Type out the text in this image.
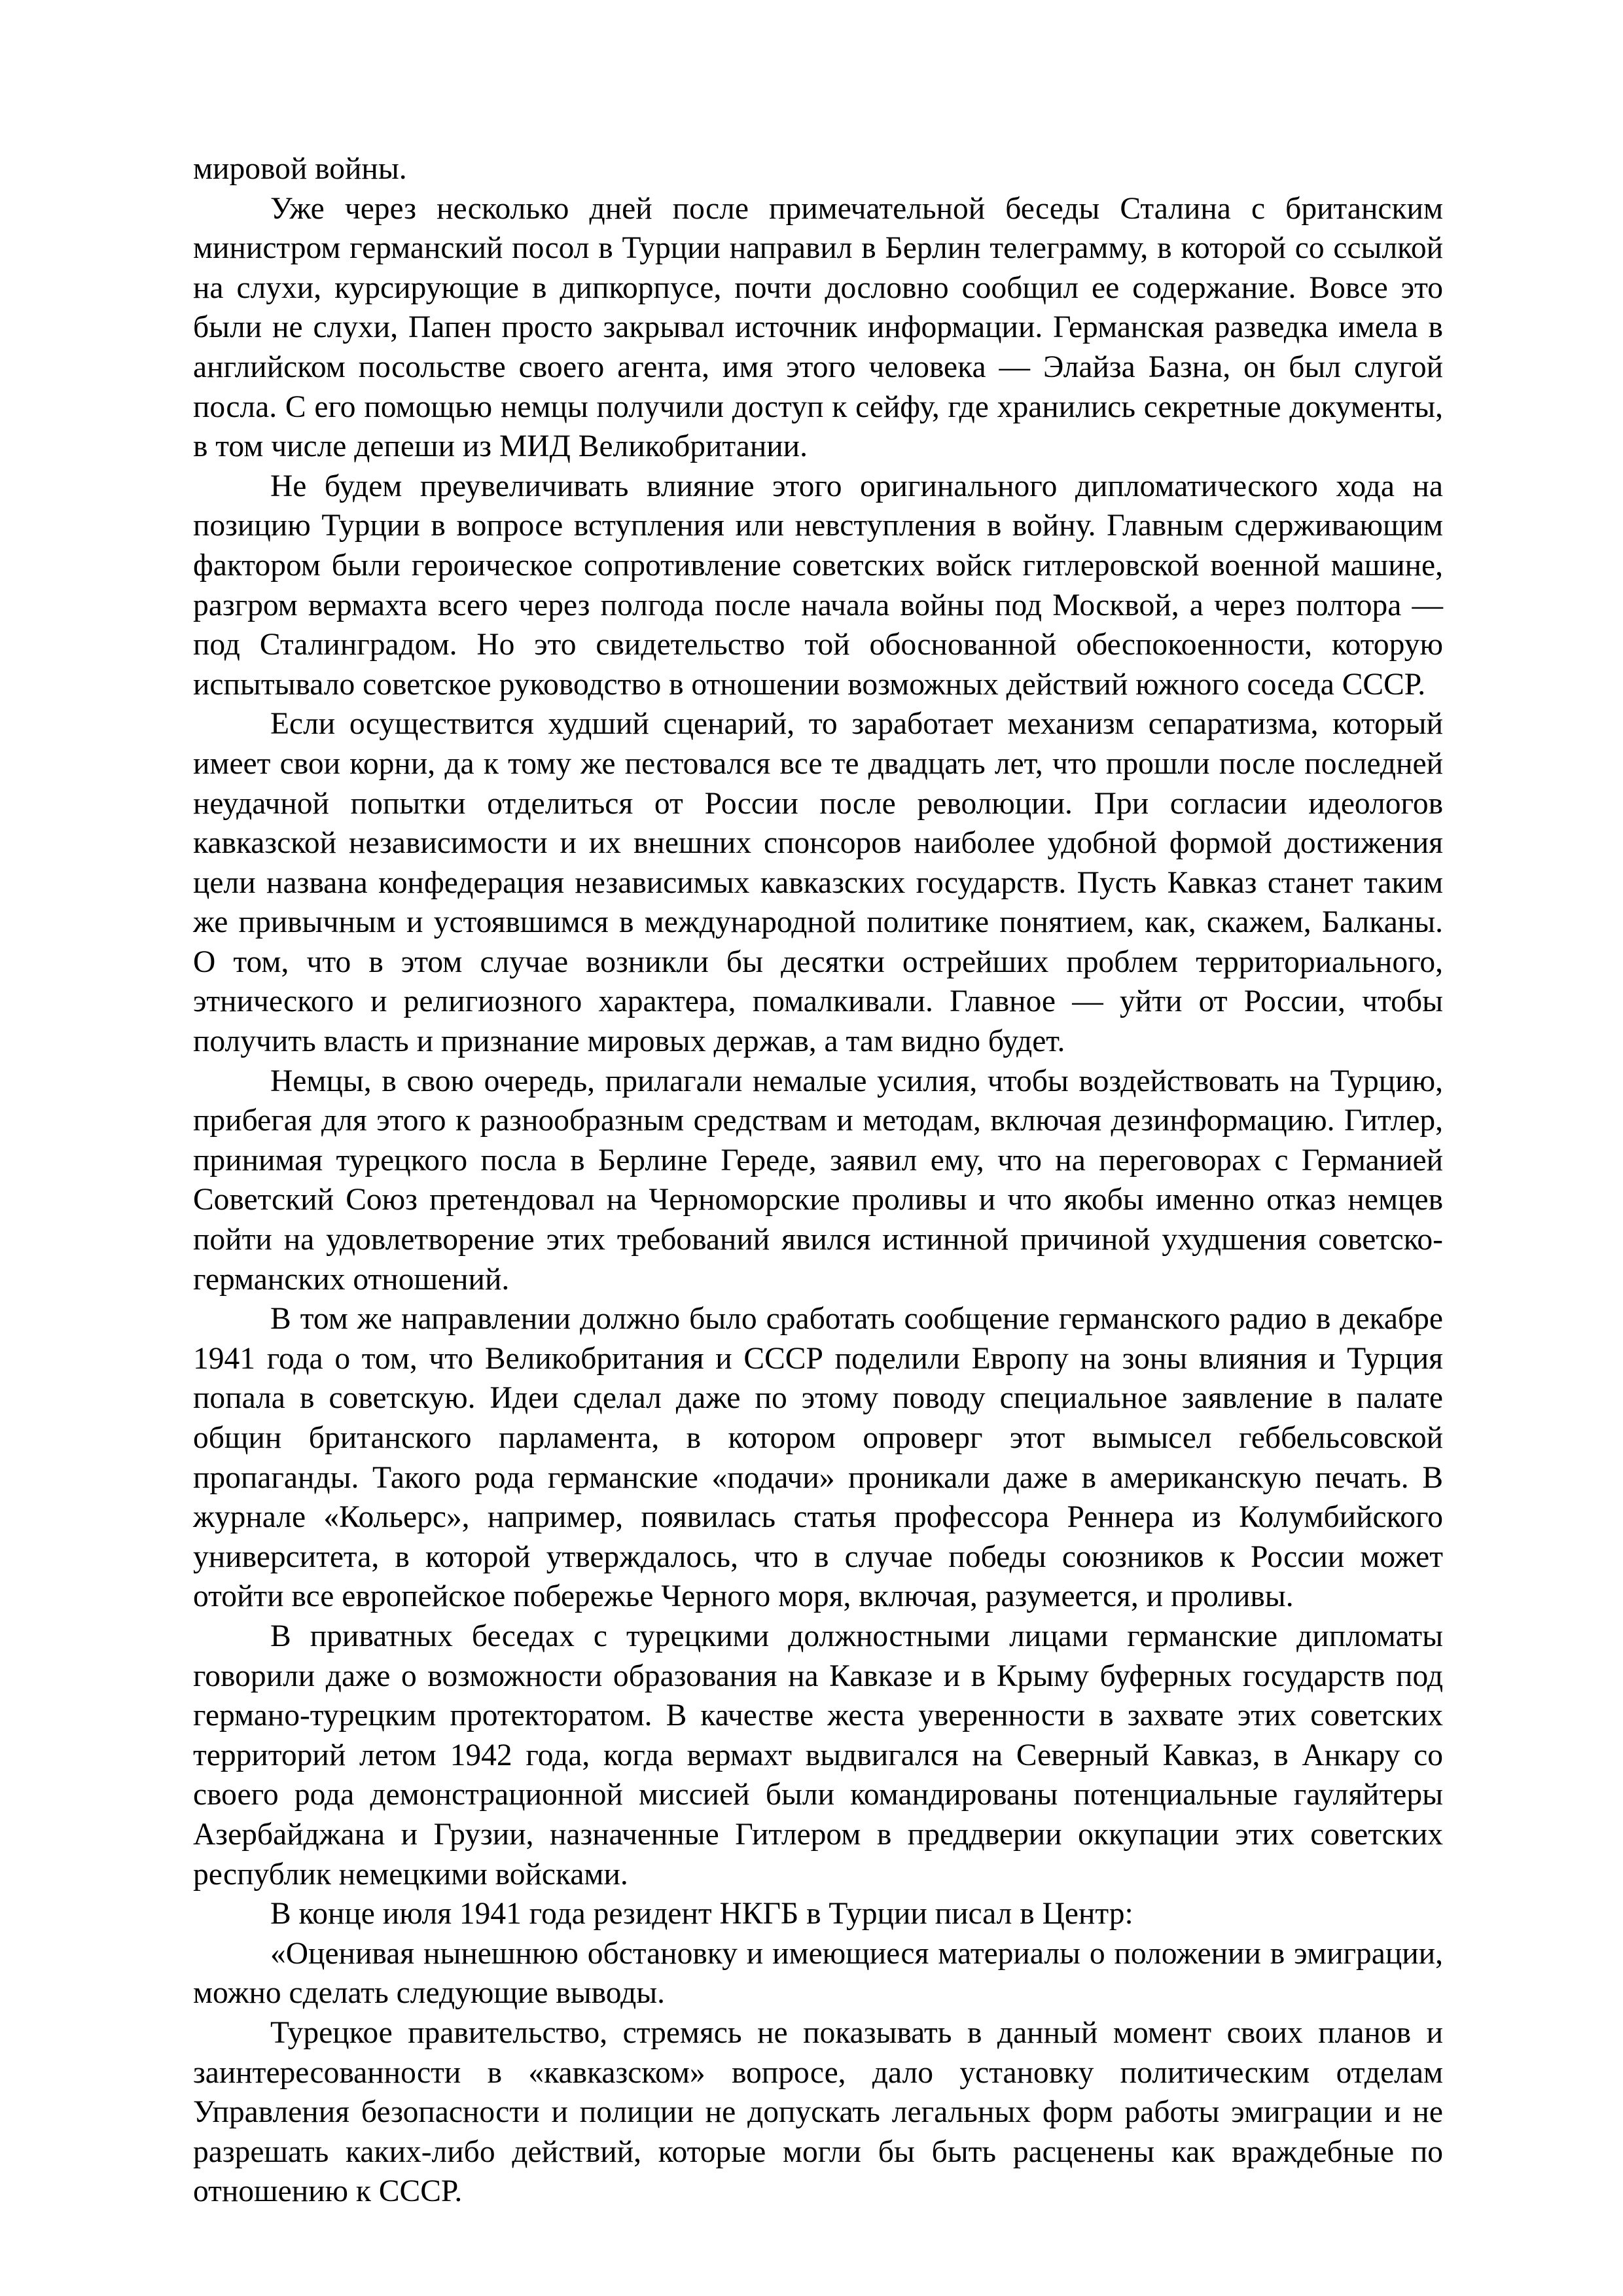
мировой войны.

Уже через несколько дней после примечательной беседы Сталина с британским министром германский посол в Турции направил в Берлин телеграмму, в которой со ссылкой на слухи, курсирующие в дипкорпусе, почти дословно сообщил ее содержание. Вовсе это были не слухи, Папен просто закрывал источник информации. Германская разведка имела в английском посольстве своего агента, имя этого человека — Элайза Базна, он был слугой посла. С его помощью немцы получили доступ к сейфу, где хранились секретные документы, в том числе депеши из МИД Великобритании.

Не будем преувеличивать влияние этого оригинального дипломатического хода на позицию Турции в вопросе вступления или невступления в войну. Главным сдерживающим фактором были героическое сопротивление советских войск гитлеровской военной машине, разгром вермахта всего через полгода после начала войны под Москвой, а через полтора — под Сталинградом. Но это свидетельство той обоснованной обеспокоенности, которую испытывало советское руководство в отношении возможных действий южного соседа СССР.

Если осуществится худший сценарий, то заработает механизм сепаратизма, который имеет свои корни, да к тому же пестовался все те двадцать лет, что прошли после последней неудачной попытки отделиться от России после революции. При согласии идеологов кавказской независимости и их внешних спонсоров наиболее удобной формой достижения цели названа конфедерация независимых кавказских государств. Пусть Кавказ станет таким же привычным и устоявшимся в международной политике понятием, как, скажем, Балканы. О том, что в этом случае возникли бы десятки острейших проблем территориального, этнического и религиозного характера, помалкивали. Главное — уйти от России, чтобы получить власть и признание мировых держав, а там видно будет.

Немцы, в свою очередь, прилагали немалые усилия, чтобы воздействовать на Турцию, прибегая для этого к разнообразным средствам и методам, включая дезинформацию. Гитлер, принимая турецкого посла в Берлине Гереде, заявил ему, что на переговорах с Германией Советский Союз претендовал на Черноморские проливы и что якобы именно отказ немцев пойти на удовлетворение этих требований явился истинной причиной ухудшения советско-германских отношений.

В том же направлении должно было сработать сообщение германского радио в декабре 1941 года о том, что Великобритания и СССР поделили Европу на зоны влияния и Турция попала в советскую. Идеи сделал даже по этому поводу специальное заявление в палате общин британского парламента, в котором опроверг этот вымысел геббельсовской пропаганды. Такого рода германские «подачи» проникали даже в американскую печать. В журнале «Кольерс», например, появилась статья профессора Реннера из Колумбийского университета, в которой утверждалось, что в случае победы союзников к России может отойти все европейское побережье Черного моря, включая, разумеется, и проливы.

В приватных беседах с турецкими должностными лицами германские дипломаты говорили даже о возможности образования на Кавказе и в Крыму буферных государств под германо-турецким протекторатом. В качестве жеста уверенности в захвате этих советских территорий летом 1942 года, когда вермахт выдвигался на Северный Кавказ, в Анкару со своего рода демонстрационной миссией были командированы потенциальные гауляйтеры Азербайджана и Грузии, назначенные Гитлером в преддверии оккупации этих советских республик немецкими войсками.

В конце июля 1941 года резидент НКГБ в Турции писал в Центр:

«Оценивая нынешнюю обстановку и имеющиеся материалы о положении в эмиграции, можно сделать следующие выводы.

Турецкое правительство, стремясь не показывать в данный момент своих планов и заинтересованности в «кавказском» вопросе, дало установку политическим отделам Управления безопасности и полиции не допускать легальных форм работы эмиграции и не разрешать каких-либо действий, которые могли бы быть расценены как враждебные по отношению к СССР.
